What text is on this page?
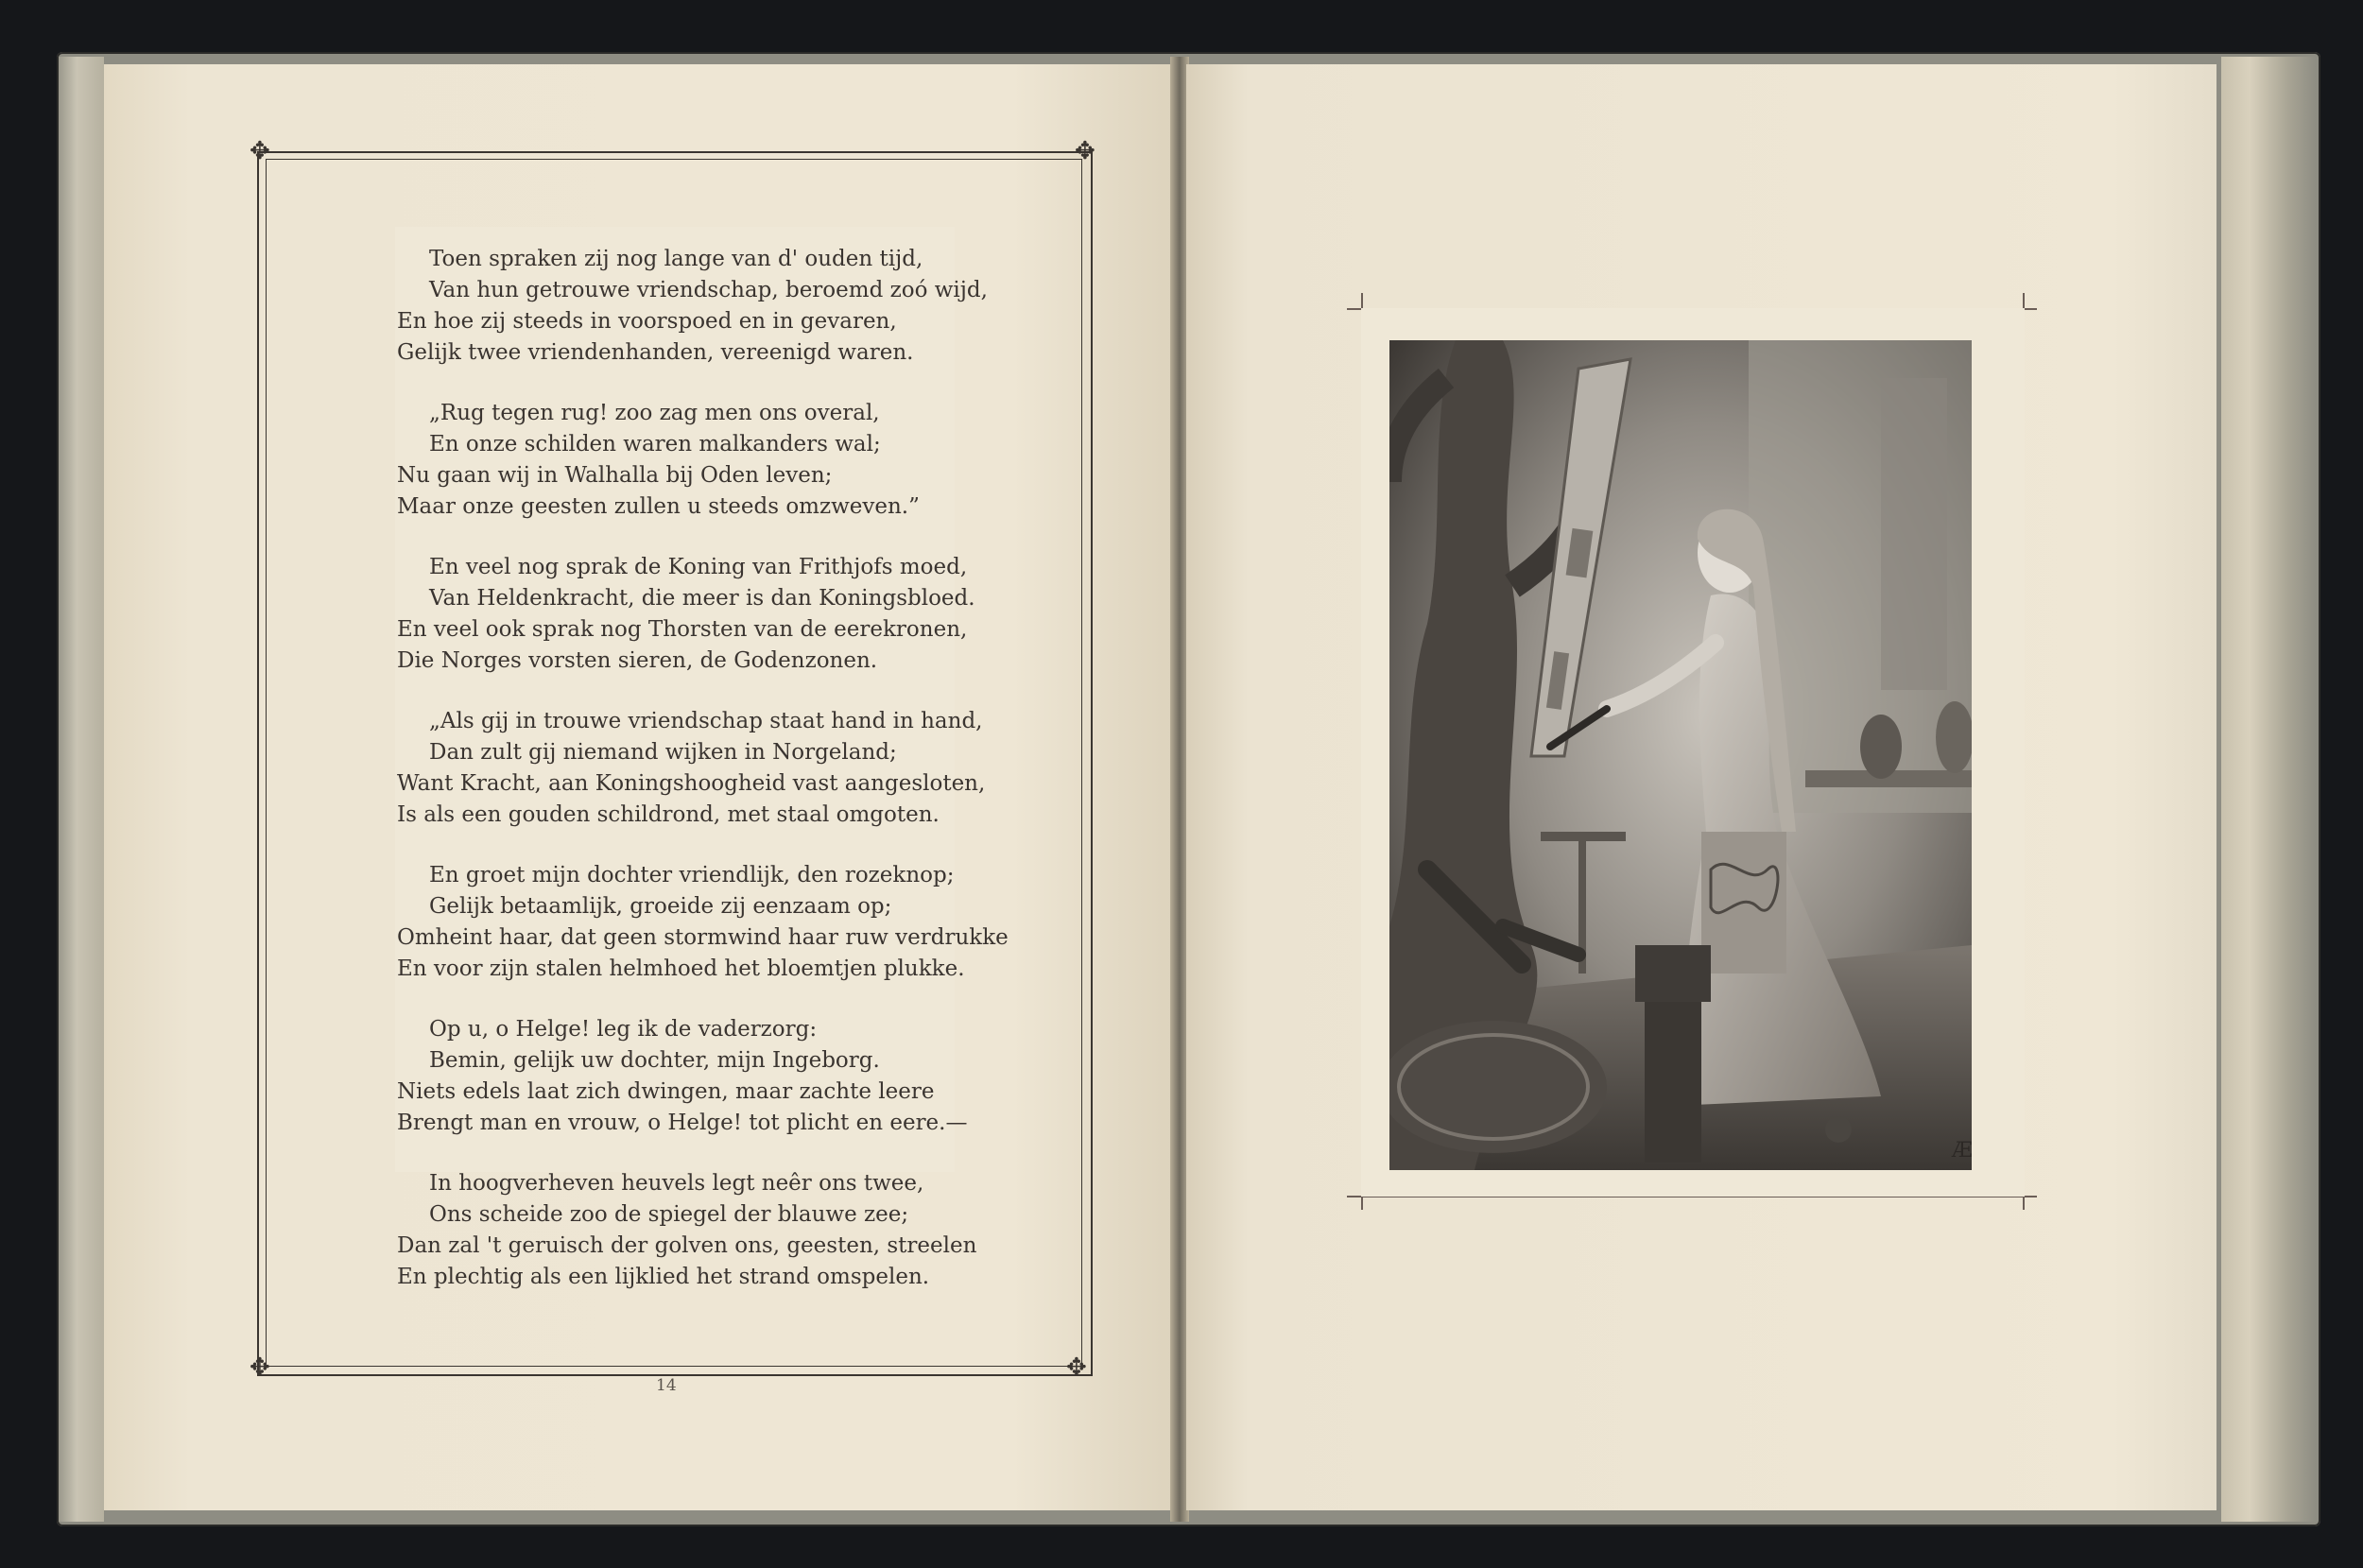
✥	✥
✥	✥
Toen spraken zij nog lange van d' ouden tijd,
Van hun getrouwe vriendschap, beroemd zoó wijd,
En hoe zij steeds in voorspoed en in gevaren,
Gelijk twee vriendenhanden, vereenigd waren.
„Rug tegen rug! zoo zag men ons overal,
En onze schilden waren malkanders wal;
Nu gaan wij in Walhalla bij Oden leven;
Maar onze geesten zullen u steeds omzweven.”
En veel nog sprak de Koning van Frithjofs moed,
Van Heldenkracht, die meer is dan Koningsbloed.
En veel ook sprak nog Thorsten van de eerekronen,
Die Norges vorsten sieren, de Godenzonen.
„Als gij in trouwe vriendschap staat hand in hand,
Dan zult gij niemand wijken in Norgeland;
Want Kracht, aan Koningshoogheid vast aangesloten,
Is als een gouden schildrond, met staal omgoten.
En groet mijn dochter vriendlijk, den rozeknop;
Gelijk betaamlijk, groeide zij eenzaam op;
Omheint haar, dat geen stormwind haar ruw verdrukke
En voor zijn stalen helmhoed het bloemtjen plukke.
Op u, o Helge! leg ik de vaderzorg:
Bemin, gelijk uw dochter, mijn Ingeborg.
Niets edels laat zich dwingen, maar zachte leere
Brengt man en vrouw, o Helge! tot plicht en eere.—
In hoogverheven heuvels legt neêr ons twee,
Ons scheide zoo de spiegel der blauwe zee;
Dan zal 't geruisch der golven ons, geesten, streelen
En plechtig als een lijklied het strand omspelen.
14
Æ
